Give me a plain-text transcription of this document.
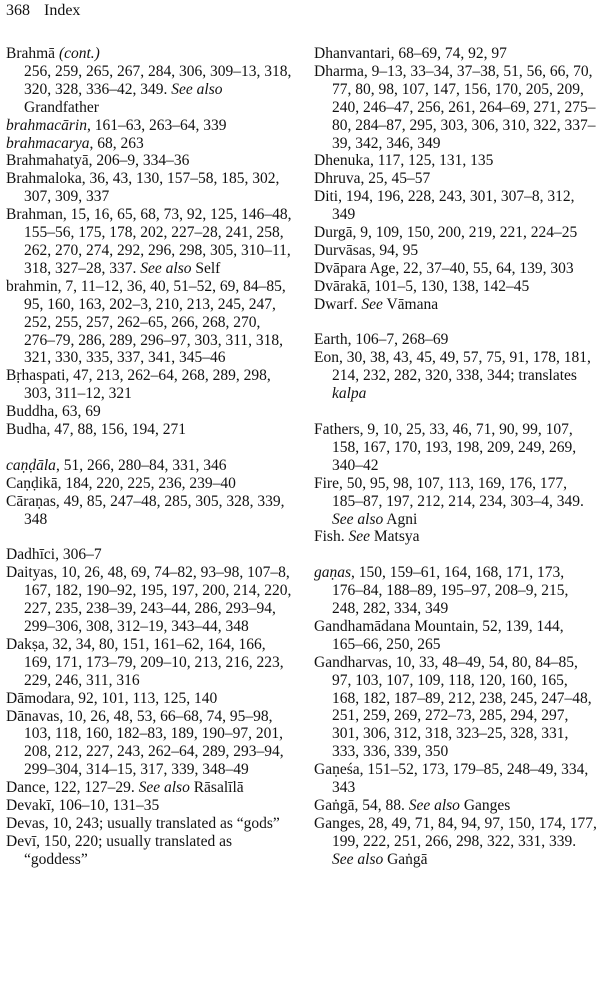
368 Index

Brahmā (cont.)
256, 259, 265, 267, 284, 306, 309–13, 318, 320, 328, 336–42, 349. See also Grandfather

brahmacārin, 161–63, 263–64, 339

brahmacarya, 68, 263

Brahmahatyā, 206–9, 334–36

Brahmaloka, 36, 43, 130, 157–58, 185, 302, 307, 309, 337

Brahman, 15, 16, 65, 68, 73, 92, 125, 146–48, 155–56, 175, 178, 202, 227–28, 241, 258, 262, 270, 274, 292, 296, 298, 305, 310–11, 318, 327–28, 337. See also Self

brahmin, 7, 11–12, 36, 40, 51–52, 69, 84–85, 95, 160, 163, 202–3, 210, 213, 245, 247, 252, 255, 257, 262–65, 266, 268, 270, 276–79, 286, 289, 296–97, 303, 311, 318, 321, 330, 335, 337, 341, 345–46

Bṛhaspati, 47, 213, 262–64, 268, 289, 298, 303, 311–12, 321

Buddha, 63, 69

Budha, 47, 88, 156, 194, 271

caṇḍāla, 51, 266, 280–84, 331, 346

Caṇḍikā, 184, 220, 225, 236, 239–40

Cāraṇas, 49, 85, 247–48, 285, 305, 328, 339, 348

Dadhīci, 306–7

Daityas, 10, 26, 48, 69, 74–82, 93–98, 107–8, 167, 182, 190–92, 195, 197, 200, 214, 220, 227, 235, 238–39, 243–44, 286, 293–94, 299–306, 308, 312–19, 343–44, 348

Dakṣa, 32, 34, 80, 151, 161–62, 164, 166, 169, 171, 173–79, 209–10, 213, 216, 223, 229, 246, 311, 316

Dāmodara, 92, 101, 113, 125, 140

Dānavas, 10, 26, 48, 53, 66–68, 74, 95–98, 103, 118, 160, 182–83, 189, 190–97, 201, 208, 212, 227, 243, 262–64, 289, 293–94, 299–304, 314–15, 317, 339, 348–49

Dance, 122, 127–29. See also Rāsalīlā

Devakī, 106–10, 131–35

Devas, 10, 243; usually translated as “gods”

Devī, 150, 220; usually translated as “goddess”

Dhanvantari, 68–69, 74, 92, 97

Dharma, 9–13, 33–34, 37–38, 51, 56, 66, 70, 77, 80, 98, 107, 147, 156, 170, 205, 209, 240, 246–47, 256, 261, 264–69, 271, 275–80, 284–87, 295, 303, 306, 310, 322, 337–39, 342, 346, 349

Dhenuka, 117, 125, 131, 135

Dhruva, 25, 45–57

Diti, 194, 196, 228, 243, 301, 307–8, 312, 349

Durgā, 9, 109, 150, 200, 219, 221, 224–25

Durvāsas, 94, 95

Dvāpara Age, 22, 37–40, 55, 64, 139, 303

Dvārakā, 101–5, 130, 138, 142–45

Dwarf. See Vāmana

Earth, 106–7, 268–69

Eon, 30, 38, 43, 45, 49, 57, 75, 91, 178, 181, 214, 232, 282, 320, 338, 344; translates kalpa

Fathers, 9, 10, 25, 33, 46, 71, 90, 99, 107, 158, 167, 170, 193, 198, 209, 249, 269, 340–42

Fire, 50, 95, 98, 107, 113, 169, 176, 177, 185–87, 197, 212, 214, 234, 303–4, 349. See also Agni

Fish. See Matsya

gaṇas, 150, 159–61, 164, 168, 171, 173, 176–84, 188–89, 195–97, 208–9, 215, 248, 282, 334, 349

Gandhamādana Mountain, 52, 139, 144, 165–66, 250, 265

Gandharvas, 10, 33, 48–49, 54, 80, 84–85, 97, 103, 107, 109, 118, 120, 160, 165, 168, 182, 187–89, 212, 238, 245, 247–48, 251, 259, 269, 272–73, 285, 294, 297, 301, 306, 312, 318, 323–25, 328, 331, 333, 336, 339, 350

Gaṇeśa, 151–52, 173, 179–85, 248–49, 334, 343

Gaṅgā, 54, 88. See also Ganges

Ganges, 28, 49, 71, 84, 94, 97, 150, 174, 177, 199, 222, 251, 266, 298, 322, 331, 339. See also Gaṅgā
